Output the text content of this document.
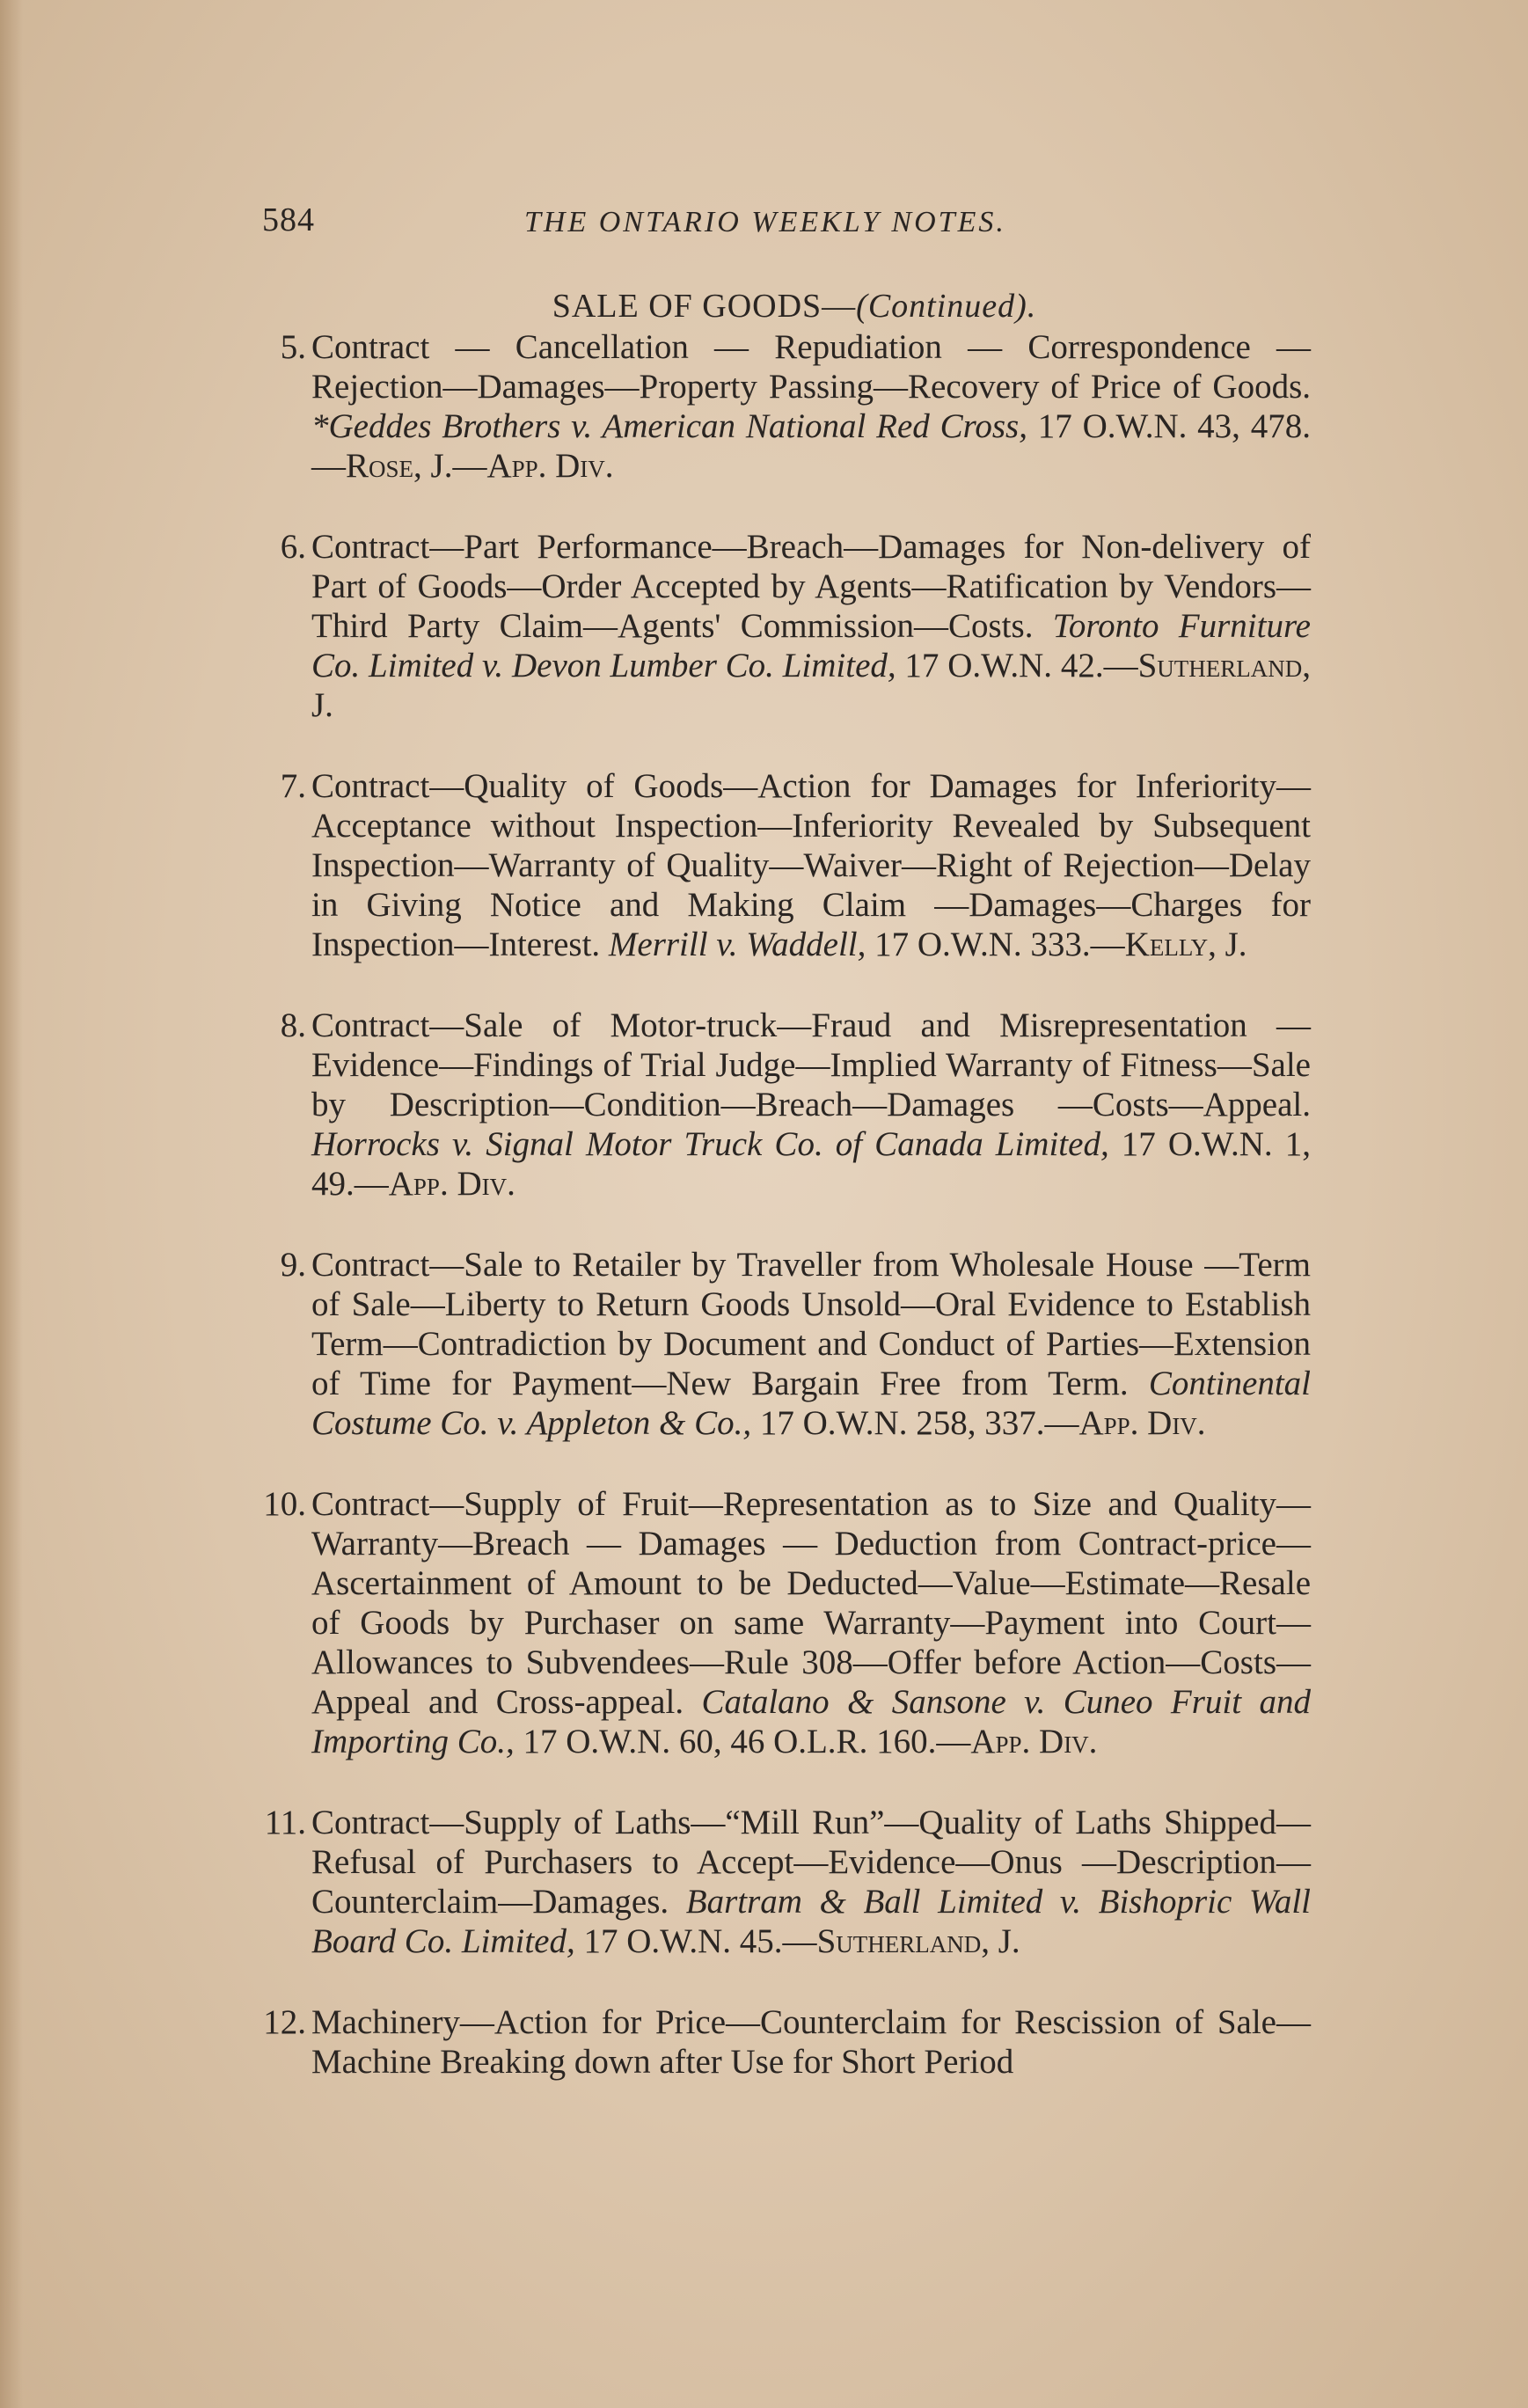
584	THE ONTARIO WEEKLY NOTES.
SALE OF GOODS—(Continued).
5. Contract — Cancellation — Repudiation — Correspondence — Rejection—Damages—Property Passing—Recovery of Price of Goods. *Geddes Brothers v. American National Red Cross, 17 O.W.N. 43, 478.—Rose, J.—App. Div.
6. Contract—Part Performance—Breach—Damages for Non-delivery of Part of Goods—Order Accepted by Agents—Ratification by Vendors—Third Party Claim—Agents' Commission—Costs. Toronto Furniture Co. Limited v. Devon Lumber Co. Limited, 17 O.W.N. 42.—Sutherland, J.
7. Contract—Quality of Goods—Action for Damages for Inferiority—Acceptance without Inspection—Inferiority Revealed by Subsequent Inspection—Warranty of Quality—Waiver—Right of Rejection—Delay in Giving Notice and Making Claim —Damages—Charges for Inspection—Interest. Merrill v. Waddell, 17 O.W.N. 333.—Kelly, J.
8. Contract—Sale of Motor-truck—Fraud and Misrepresentation —Evidence—Findings of Trial Judge—Implied Warranty of Fitness—Sale by Description—Condition—Breach—Damages —Costs—Appeal. Horrocks v. Signal Motor Truck Co. of Canada Limited, 17 O.W.N. 1, 49.—App. Div.
9. Contract—Sale to Retailer by Traveller from Wholesale House —Term of Sale—Liberty to Return Goods Unsold—Oral Evidence to Establish Term—Contradiction by Document and Conduct of Parties—Extension of Time for Payment—New Bargain Free from Term. Continental Costume Co. v. Appleton & Co., 17 O.W.N. 258, 337.—App. Div.
10. Contract—Supply of Fruit—Representation as to Size and Quality—Warranty—Breach — Damages — Deduction from Contract-price—Ascertainment of Amount to be Deducted—Value—Estimate—Resale of Goods by Purchaser on same Warranty—Payment into Court—Allowances to Subvendees—Rule 308—Offer before Action—Costs—Appeal and Cross-appeal. Catalano & Sansone v. Cuneo Fruit and Importing Co., 17 O.W.N. 60, 46 O.L.R. 160.—App. Div.
11. Contract—Supply of Laths—“Mill Run”—Quality of Laths Shipped—Refusal of Purchasers to Accept—Evidence—Onus —Description—Counterclaim—Damages. Bartram & Ball Limited v. Bishopric Wall Board Co. Limited, 17 O.W.N. 45.—Sutherland, J.
12. Machinery—Action for Price—Counterclaim for Rescission of Sale—Machine Breaking down after Use for Short Period
